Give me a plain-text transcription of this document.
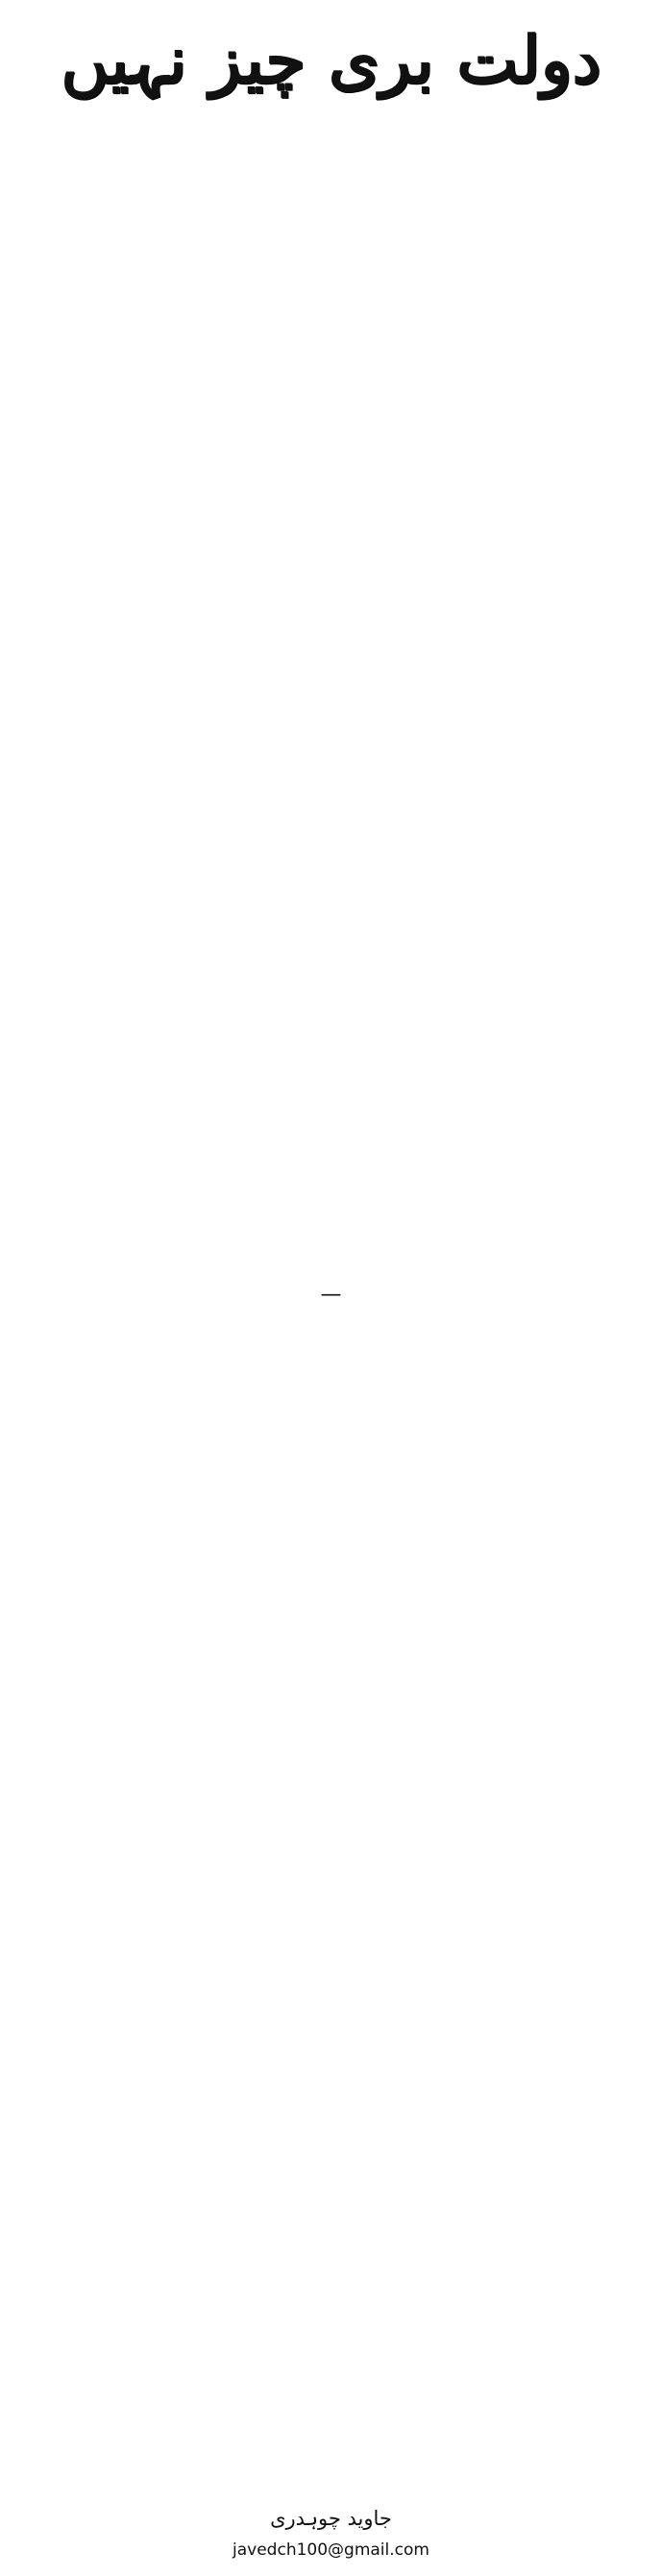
دولت بری چیز نہیں

—

جاوید چوہدری
javedch100@gmail.com
